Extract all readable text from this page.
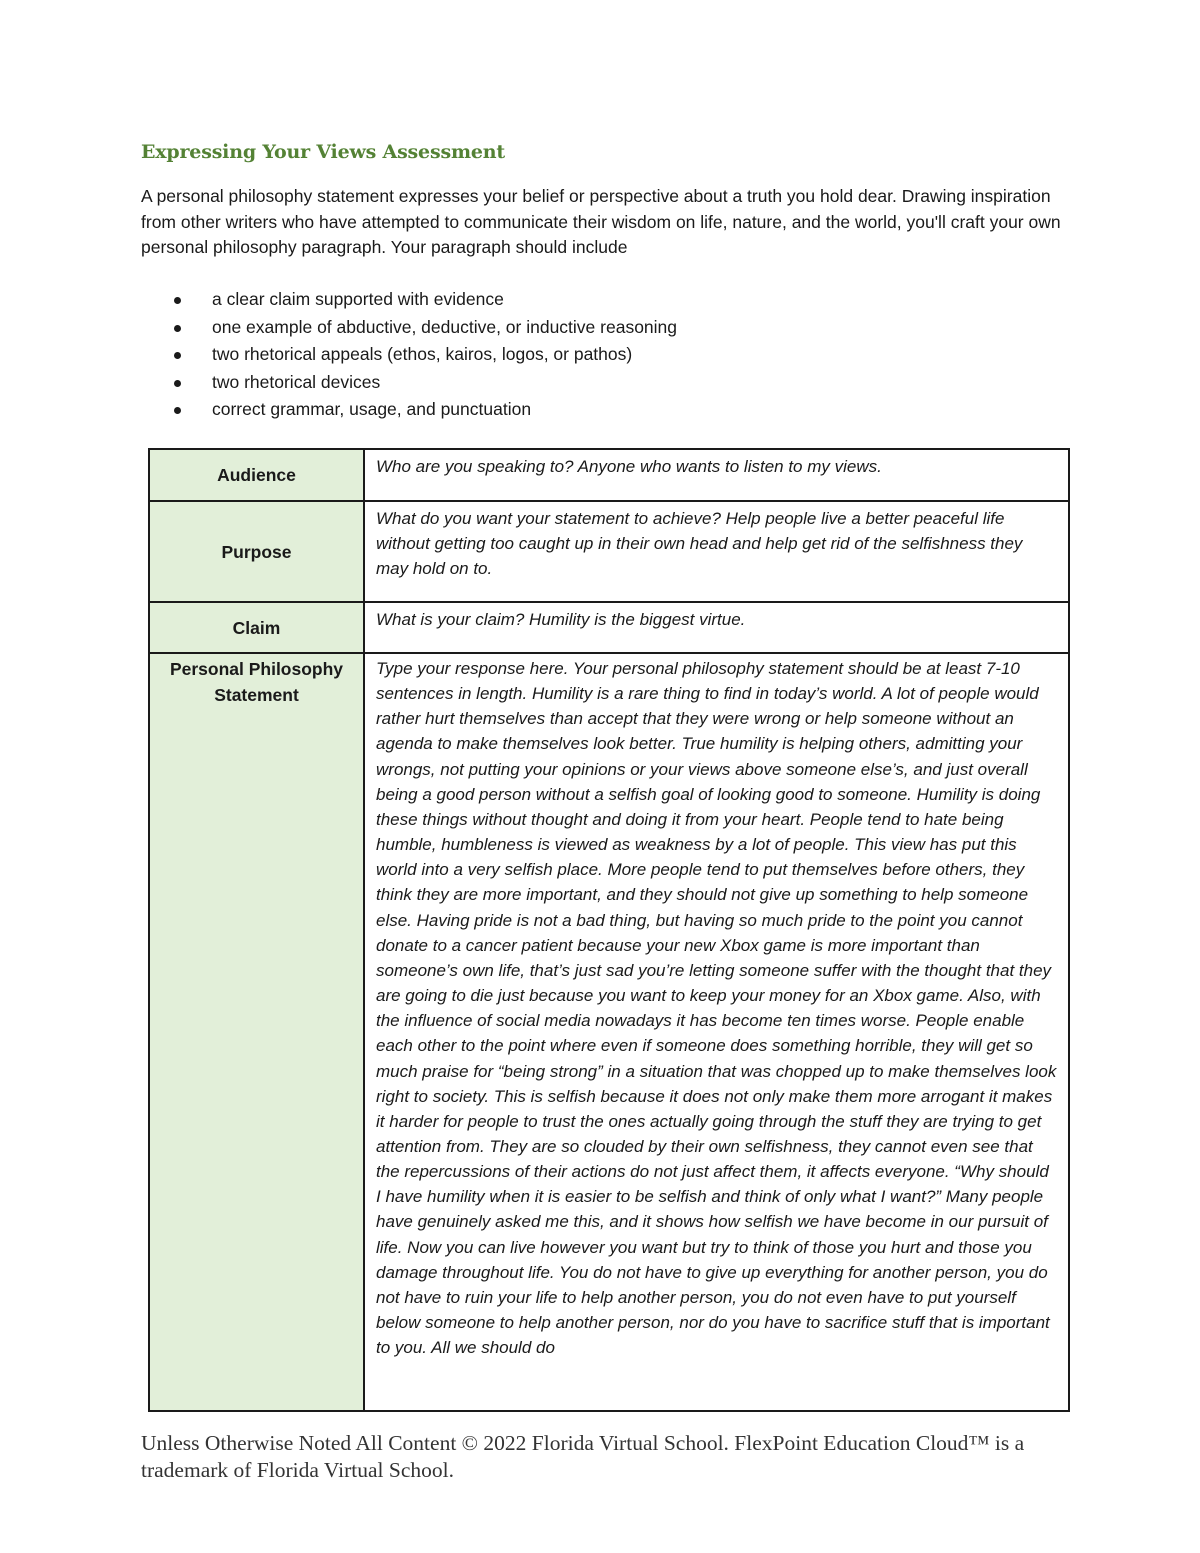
Expressing Your Views Assessment

A personal philosophy statement expresses your belief or perspective about a truth you hold dear. Drawing inspiration from other writers who have attempted to communicate their wisdom on life, nature, and the world, you'll craft your own personal philosophy paragraph. Your paragraph should include

a clear claim supported with evidence
one example of abductive, deductive, or inductive reasoning
two rhetorical appeals (ethos, kairos, logos, or pathos)
two rhetorical devices
correct grammar, usage, and punctuation
Audience	Who are you speaking to? Anyone who wants to listen to my views.
Purpose	What do you want your statement to achieve? Help people live a better peaceful life without getting too caught up in their own head and help get rid of the selfishness they may hold on to.
Claim	What is your claim? Humility is the biggest virtue.
Personal Philosophy Statement	Type your response here. Your personal philosophy statement should be at least 7-10 sentences in length. Humility is a rare thing to find in today’s world. A lot of people would rather hurt themselves than accept that they were wrong or help someone without an agenda to make themselves look better. True humility is helping others, admitting your wrongs, not putting your opinions or your views above someone else’s, and just overall being a good person without a selfish goal of looking good to someone. Humility is doing these things without thought and doing it from your heart. People tend to hate being humble, humbleness is viewed as weakness by a lot of people. This view has put this world into a very selfish place. More people tend to put themselves before others, they think they are more important, and they should not give up something to help someone else. Having pride is not a bad thing, but having so much pride to the point you cannot donate to a cancer patient because your new Xbox game is more important than someone’s own life, that’s just sad you’re letting someone suffer with the thought that they are going to die just because you want to keep your money for an Xbox game. Also, with the influence of social media nowadays it has become ten times worse. People enable each other to the point where even if someone does something horrible, they will get so much praise for “being strong” in a situation that was chopped up to make themselves look right to society. This is selfish because it does not only make them more arrogant it makes it harder for people to trust the ones actually going through the stuff they are trying to get attention from. They are so clouded by their own selfishness, they cannot even see that the repercussions of their actions do not just affect them, it affects everyone. “Why should I have humility when it is easier to be selfish and think of only what I want?” Many people have genuinely asked me this, and it shows how selfish we have become in our pursuit of life. Now you can live however you want but try to think of those you hurt and those you damage throughout life. You do not have to give up everything for another person, you do not have to ruin your life to help another person, you do not even have to put yourself below someone to help another person, nor do you have to sacrifice stuff that is important to you. All we should do
Unless Otherwise Noted All Content © 2022 Florida Virtual School. FlexPoint Education Cloud™ is a trademark of Florida Virtual School.
